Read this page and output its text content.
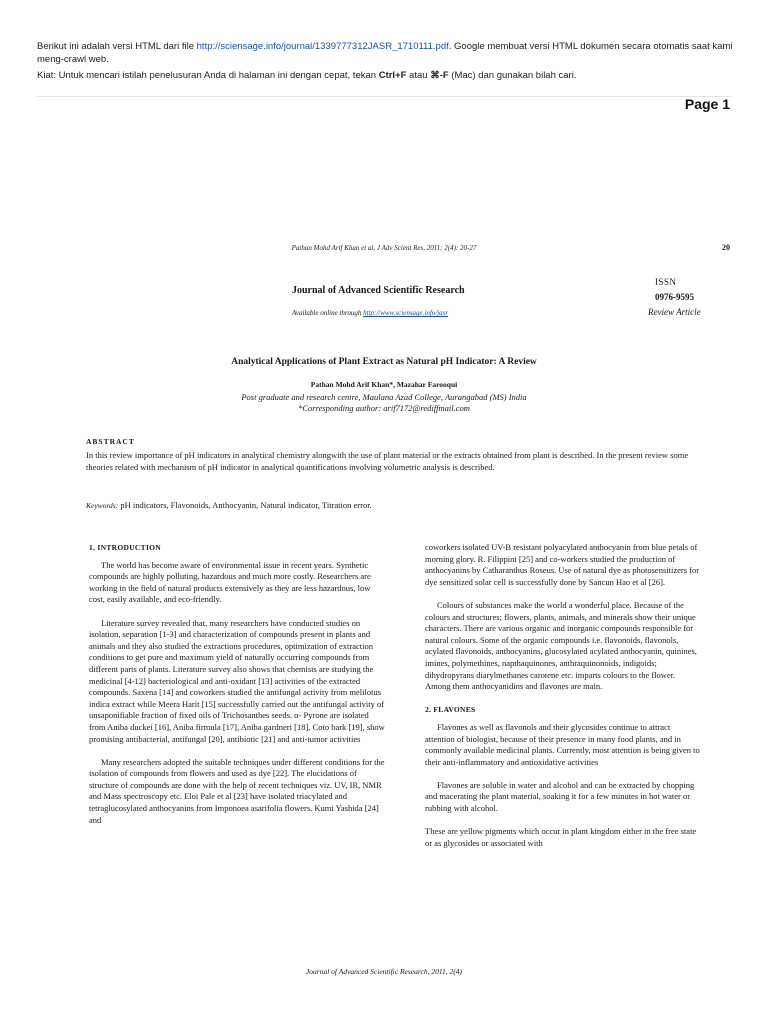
Berikut ini adalah versi HTML dari file http://sciensage.info/journal/1339777312JASR_1710111.pdf. Google membuat versi HTML dokumen secara otomatis saat kami meng-crawl web.
Kiat: Untuk mencari istilah penelusuran Anda di halaman ini dengan cepat, tekan Ctrl+F atau ⌘-F (Mac) dan gunakan bilah cari.
Page 1
Pathan Mohd Arif Khan et al, J Adv Scient Res, 2011; 2(4): 20-27	20
Journal of Advanced Scientific Research
Available online through http://www.sciensage.info/jasr
ISSN
0976-9595
Review Article
Analytical Applications of Plant Extract as Natural pH Indicator: A Review
Pathan Mohd Arif Khan*, Mazahar Farooqui
Post graduate and research centre, Maulana Azad College, Aurangabad (MS) India
*Corresponding author: arif7172@rediffmail.com
ABSTRACT
In this review importance of pH indicators in analytical chemistry alongwith the use of plant material or the extracts obtained from plant is described. In the present review some theories related with mechanism of pH indicator in analytical quantifications involving volumetric analysis is described.
Keywords: pH indicators, Flavonoids, Anthocyanin, Natural indicator, Titration error.
1. INTRODUCTION

The world has become aware of environmental issue in recent years. Synthetic compounds are highly polluting, hazardous and much more costly. Researchers are working in the field of natural products extensively as they are less hazardous, low cost, easily available, and eco-friendly.

Literature survey revealed that, many researchers have conducted studies on isolation, separation [1-3] and characterization of compounds present in plants and animals and they also studied the extractions procedures, optimization of extraction conditions to get pure and maximum yield of naturally occurring compounds from different parts of plants. Literature survey also shows that chemists are studying the medicinal [4-12] bacteriological and anti-oxidant [13] activities of the extracted compounds. Saxena [14] and coworkers studied the antifungal activity from melilotus indica extract while Meera Harit [15] successfully carried out the antifungal activity of unsaponifiable fraction of fixed oils of Trichosanthes seeds. α- Pyrone are isolated from Aniba duckei [16], Aniba firmula [17], Aniba gardneri [18], Coto bark [19], show promising antibacterial, antifungal [20], antibiotic [21] and anti-tumor activities

Many researchers adopted the suitable techniques under different conditions for the isolation of compounds from flowers and used as dye [22]. The elucidations of structure of compounds are done with the help of recent techniques viz. UV, IR, NMR and Mass spectroscopy etc. Eloi Pale et al [23] have isolated triacylated and tetraglucosylated anthocyanins from Imponoea asarifolia flowers. Kumi Yashida [24] and

coworkers isolated UV-B resistant polyacylated anthocyanin from blue petals of morning glory. R. Filippini [25] and co-workers studied the production of anthocyanins by Catharanthus Roseus. Use of natural dye as photosensitizers for dye sensitized solar cell is successfully done by Sancun Hao et al [26].

Colours of substances make the world a wonderful place. Because of the colours and structures; flowers, plants, animals, and minerals show their unique characters. There are various organic and inorganic compounds responsible for natural colours. Some of the organic compounds i.e. flavonoids, flavonols, acylated flavonoids, anthocyanins, glucosylated acylated anthocyanin, quinines, imines, polymethines, napthaquinones, anthraquinonoids, indigoids; dihydropyrans diarylmethanes carotene etc. imparts colours to the flower. Among them anthocyanidins and flavones are main.

2. FLAVONES

Flavones as well as flavonols and their glycosides continue to attract attention of biologist, because of their presence in many food plants, and in commonly available medicinal plants. Currently, most attention is being given to their anti-inflammatory and antioxidative activities

Flavones are soluble in water and alcohol and can be extracted by chopping and macerating the plant material, soaking it for a few minutes in hot water or rubbing with alcohol.

These are yellow pigments which occur in plant kingdom either in the free state or as glycosides or associated with

Journal of Advanced Scientific Research, 2011, 2(4)
